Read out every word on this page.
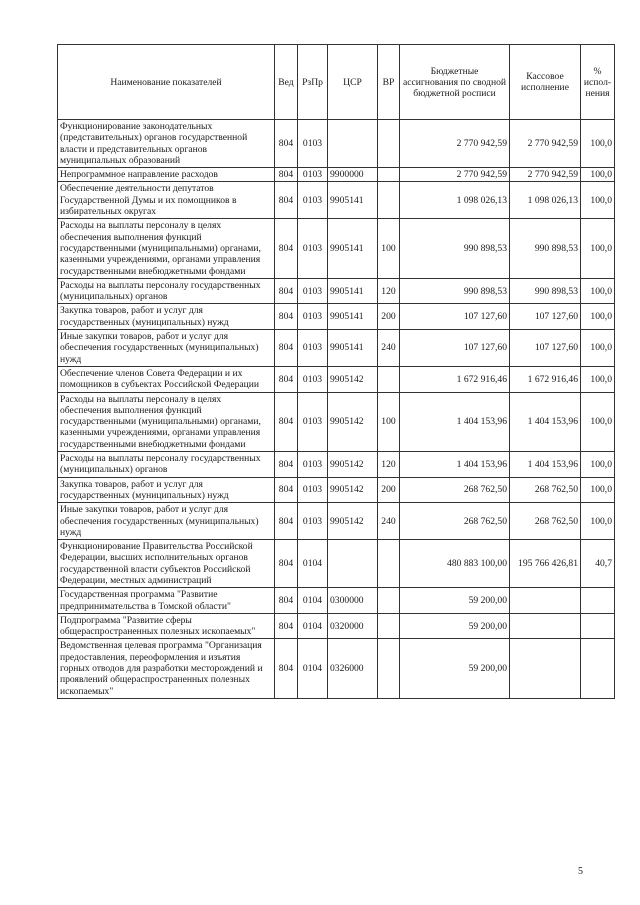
Наименование показателей	Вед	РзПр	ЦСР	ВР	Бюджетные ассигнования по сводной бюджетной росписи	Кассовое исполнение	% испол-нения
Функционирование законодательных (представительных) органов государственной власти и представительных органов муниципальных образований	804	0103			2 770 942,59	2 770 942,59	100,0
Непрограммное направление расходов	804	0103	9900000		2 770 942,59	2 770 942,59	100,0
Обеспечение деятельности депутатов Государственной Думы и их помощников в избирательных округах	804	0103	9905141		1 098 026,13	1 098 026,13	100,0
Расходы на выплаты персоналу в целях обеспечения выполнения функций государственными (муниципальными) органами, казенными учреждениями, органами управления государственными внебюджетными фондами	804	0103	9905141	100	990 898,53	990 898,53	100,0
Расходы на выплаты персоналу государственных (муниципальных) органов	804	0103	9905141	120	990 898,53	990 898,53	100,0
Закупка товаров, работ и услуг для государственных (муниципальных) нужд	804	0103	9905141	200	107 127,60	107 127,60	100,0
Иные закупки товаров, работ и услуг для обеспечения государственных (муниципальных) нужд	804	0103	9905141	240	107 127,60	107 127,60	100,0
Обеспечение членов Совета Федерации и их помощников в субъектах Российской Федерации	804	0103	9905142		1 672 916,46	1 672 916,46	100,0
Расходы на выплаты персоналу в целях обеспечения выполнения функций государственными (муниципальными) органами, казенными учреждениями, органами управления государственными внебюджетными фондами	804	0103	9905142	100	1 404 153,96	1 404 153,96	100,0
Расходы на выплаты персоналу государственных (муниципальных) органов	804	0103	9905142	120	1 404 153,96	1 404 153,96	100,0
Закупка товаров, работ и услуг для государственных (муниципальных) нужд	804	0103	9905142	200	268 762,50	268 762,50	100,0
Иные закупки товаров, работ и услуг для обеспечения государственных (муниципальных) нужд	804	0103	9905142	240	268 762,50	268 762,50	100,0
Функционирование Правительства Российской Федерации, высших исполнительных органов государственной власти субъектов Российской Федерации, местных администраций	804	0104			480 883 100,00	195 766 426,81	40,7
Государственная программа "Развитие предпринимательства в Томской области"	804	0104	0300000		59 200,00		
Подпрограмма "Развитие сферы общераспространенных полезных ископаемых"	804	0104	0320000		59 200,00		
Ведомственная целевая программа "Организация предоставления, переоформления и изъятия горных отводов для разработки месторождений и проявлений общераспространенных полезных ископаемых"	804	0104	0326000		59 200,00		
5
